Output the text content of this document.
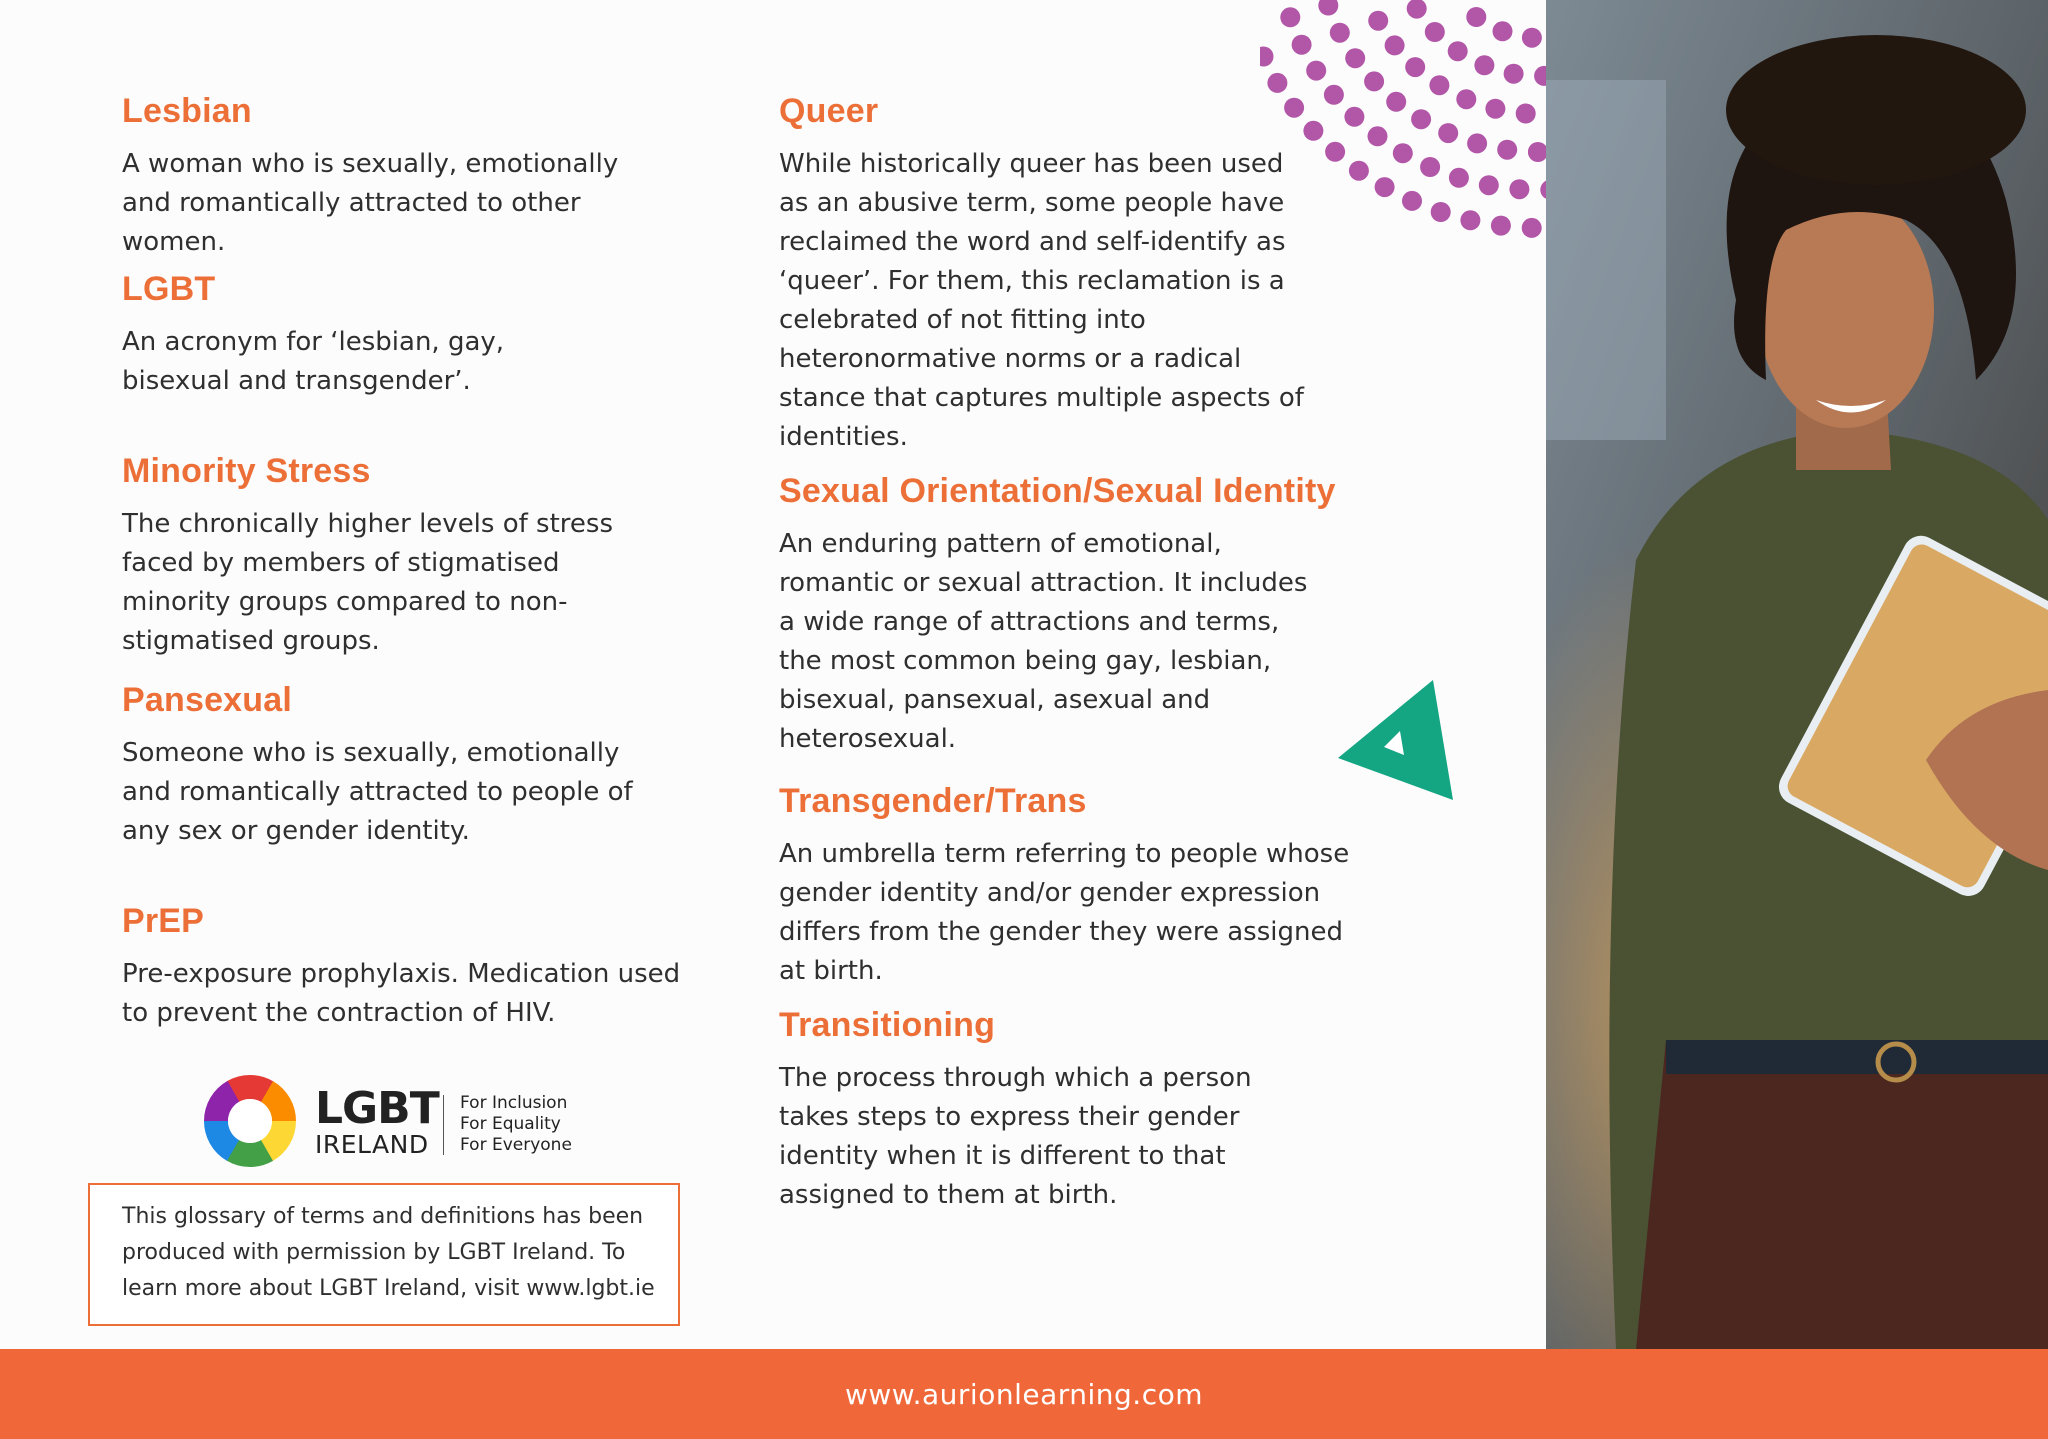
Lesbian

A woman who is sexually, emotionally and romantically attracted to other women.

LGBT

An acronym for ‘lesbian, gay, bisexual and transgender’.

Minority Stress

The chronically higher levels of stress faced by members of stigmatised minority groups compared to non-stigmatised groups.

Pansexual

Someone who is sexually, emotionally and romantically attracted to people of any sex or gender identity.

PrEP

Pre-exposure prophylaxis. Medication used to prevent the contraction of HIV.

Queer

While historically queer has been used as an abusive term, some people have reclaimed the word and self-identify as ‘queer’. For them, this reclamation is a celebrated of not fitting into heteronormative norms or a radical stance that captures multiple aspects of identities.

Sexual Orientation/Sexual Identity

An enduring pattern of emotional, romantic or sexual attraction. It includes a wide range of attractions and terms, the most common being gay, lesbian, bisexual, pansexual, asexual and heterosexual.

Transgender/Trans

An umbrella term referring to people whose gender identity and/or gender expression differs from the gender they were assigned at birth.

Transitioning

The process through which a person takes steps to express their gender identity when it is different to that assigned to them at birth.

LGBT
IRELAND
For Inclusion
For Equality
For Everyone

This glossary of terms and definitions has been produced with permission by LGBT Ireland. To learn more about LGBT Ireland, visit www.lgbt.ie

www.aurionlearning.com
